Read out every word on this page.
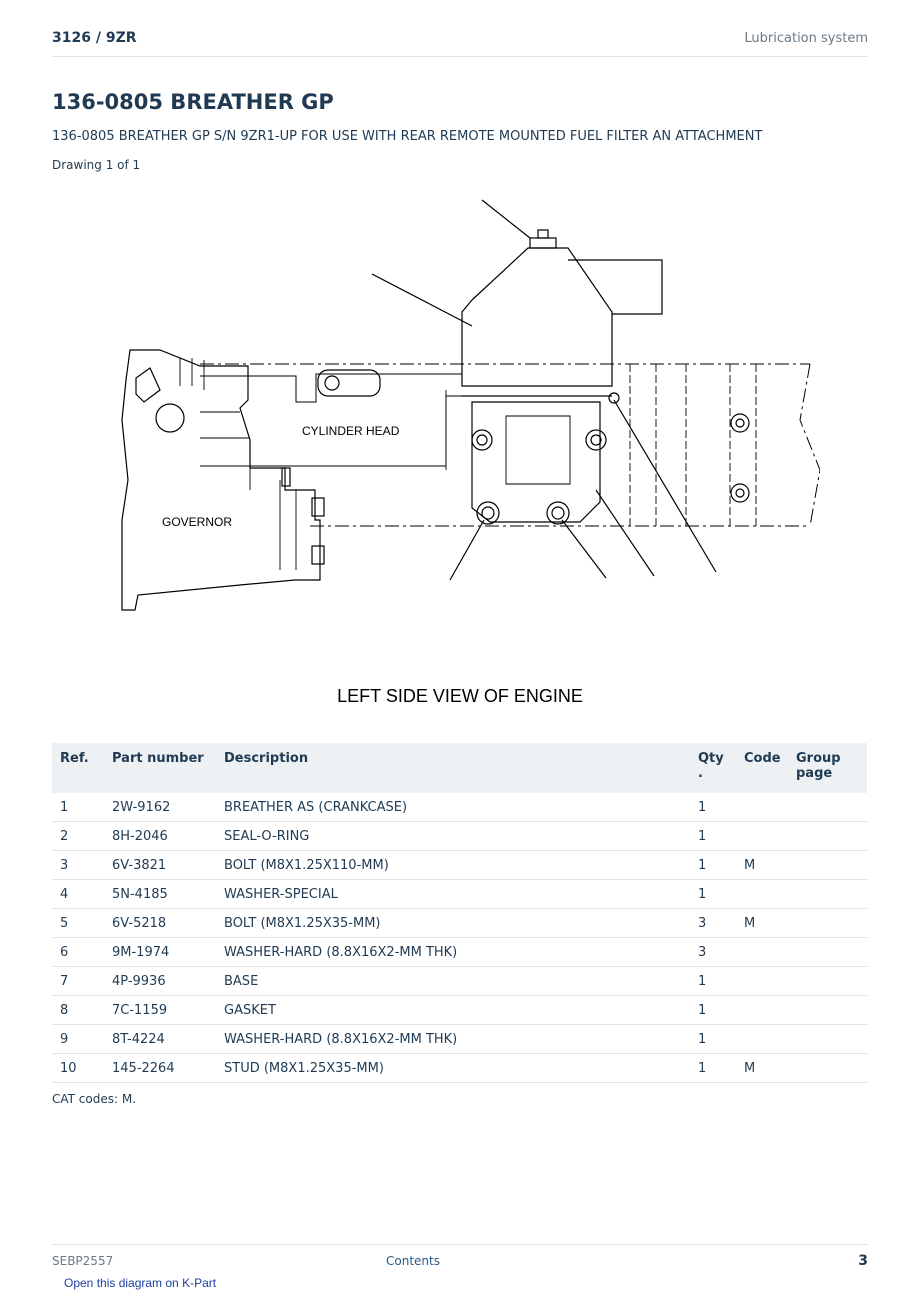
3126 / 9ZR	Lubrication system
136-0805 BREATHER GP
136-0805 BREATHER GP S/N 9ZR1-UP FOR USE WITH REAR REMOTE MOUNTED FUEL FILTER AN ATTACHMENT
Drawing 1 of 1
CYLINDER HEAD
GOVERNOR
LEFT SIDE VIEW OF ENGINE
Ref.	Part number	Description	Qty .	Code	Group page
1	2W-9162	BREATHER AS (CRANKCASE)	1		
2	8H-2046	SEAL-O-RING	1		
3	6V-3821	BOLT (M8X1.25X110-MM)	1	M	
4	5N-4185	WASHER-SPECIAL	1		
5	6V-5218	BOLT (M8X1.25X35-MM)	3	M	
6	9M-1974	WASHER-HARD (8.8X16X2-MM THK)	3		
7	4P-9936	BASE	1		
8	7C-1159	GASKET	1		
9	8T-4224	WASHER-HARD (8.8X16X2-MM THK)	1		
10	145-2264	STUD (M8X1.25X35-MM)	1	M	
CAT codes: M.
SEBP2557	Contents	3
Open this diagram on K-Part
